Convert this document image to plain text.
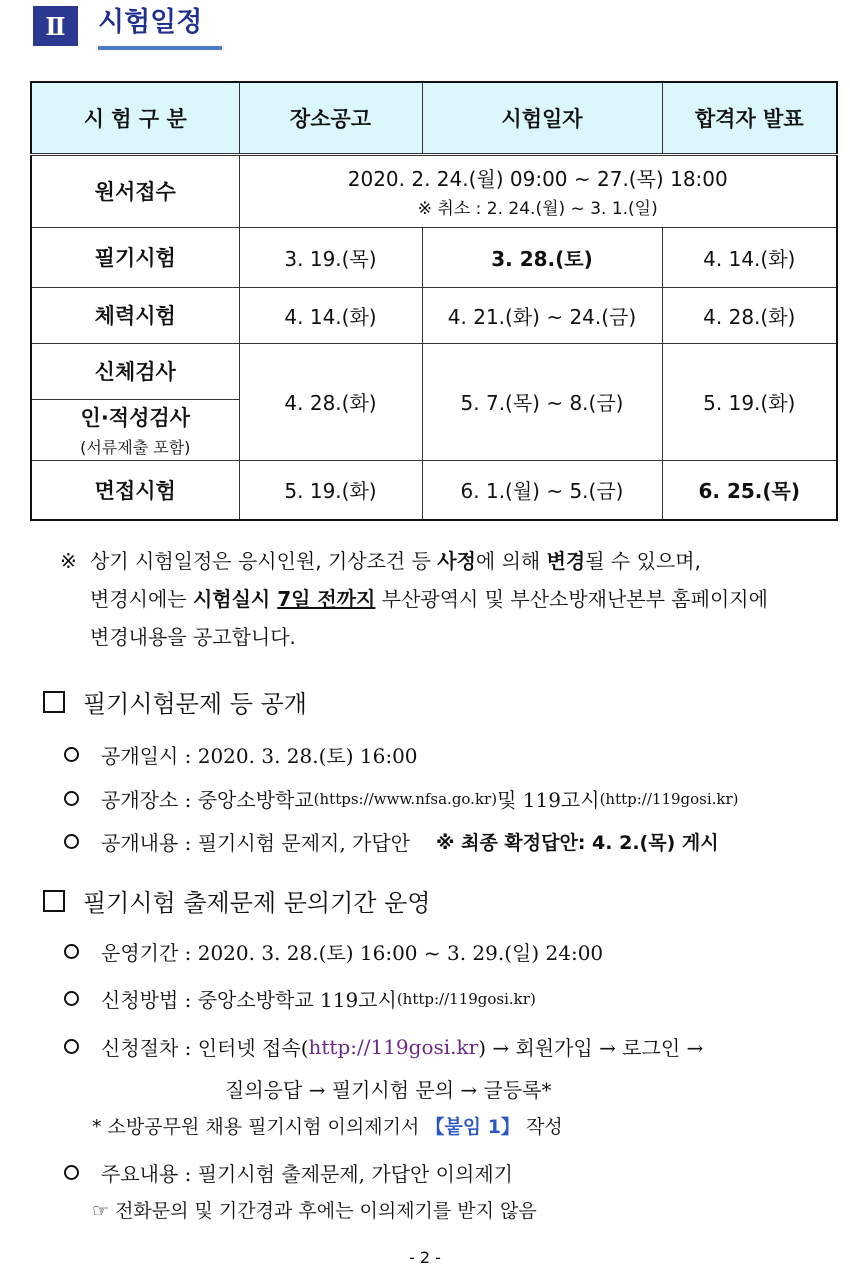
Ⅱ	시험일정
시 험 구 분	장소공고	시험일자	합격자 발표
원서접수	2020. 2. 24.(월) 09:00 ~ 27.(목) 18:00
※ 취소 : 2. 24.(월) ~ 3. 1.(일)		

필기시험	3. 19.(목)	3. 28.(토)	4. 14.(화)
체력시험	4. 14.(화)	4. 21.(화) ~ 24.(금)	4. 28.(화)
신체검사	4. 28.(화)	5. 7.(목) ~ 8.(금)	5. 19.(화)
인·적성검사
(서류제출 포함)			

면접시험	5. 19.(화)	6. 1.(월) ~ 5.(금)	6. 25.(목)
※ 상기 시험일정은 응시인원, 기상조건 등 사정에 의해 변경될 수 있으며,
변경시에는 시험실시 7일 전까지 부산광역시 및 부산소방재난본부 홈페이지에
변경내용을 공고합니다.
필기시험문제 등 공개
공개일시 : 2020. 3. 28.(토) 16:00
공개장소 : 중앙소방학교 (https://www.nfsa.go.kr) 및 119고시 (http://119gosi.kr)
공개내용 : 필기시험 문제지, 가답안 ※ 최종 확정답안: 4. 2.(목) 게시
필기시험 출제문제 문의기간 운영
운영기간 : 2020. 3. 28.(토) 16:00 ~ 3. 29.(일) 24:00
신청방법 : 중앙소방학교 119고시 (http://119gosi.kr)
신청절차 : 인터넷 접속( http://119gosi.kr ) → 회원가입 → 로그인 →
질의응답 → 필기시험 문의 → 글등록*
* 소방공무원 채용 필기시험 이의제기서 【붙임 1】 작성
주요내용 : 필기시험 출제문제, 가답안 이의제기
☞ 전화문의 및 기간경과 후에는 이의제기를 받지 않음
- 2 -
